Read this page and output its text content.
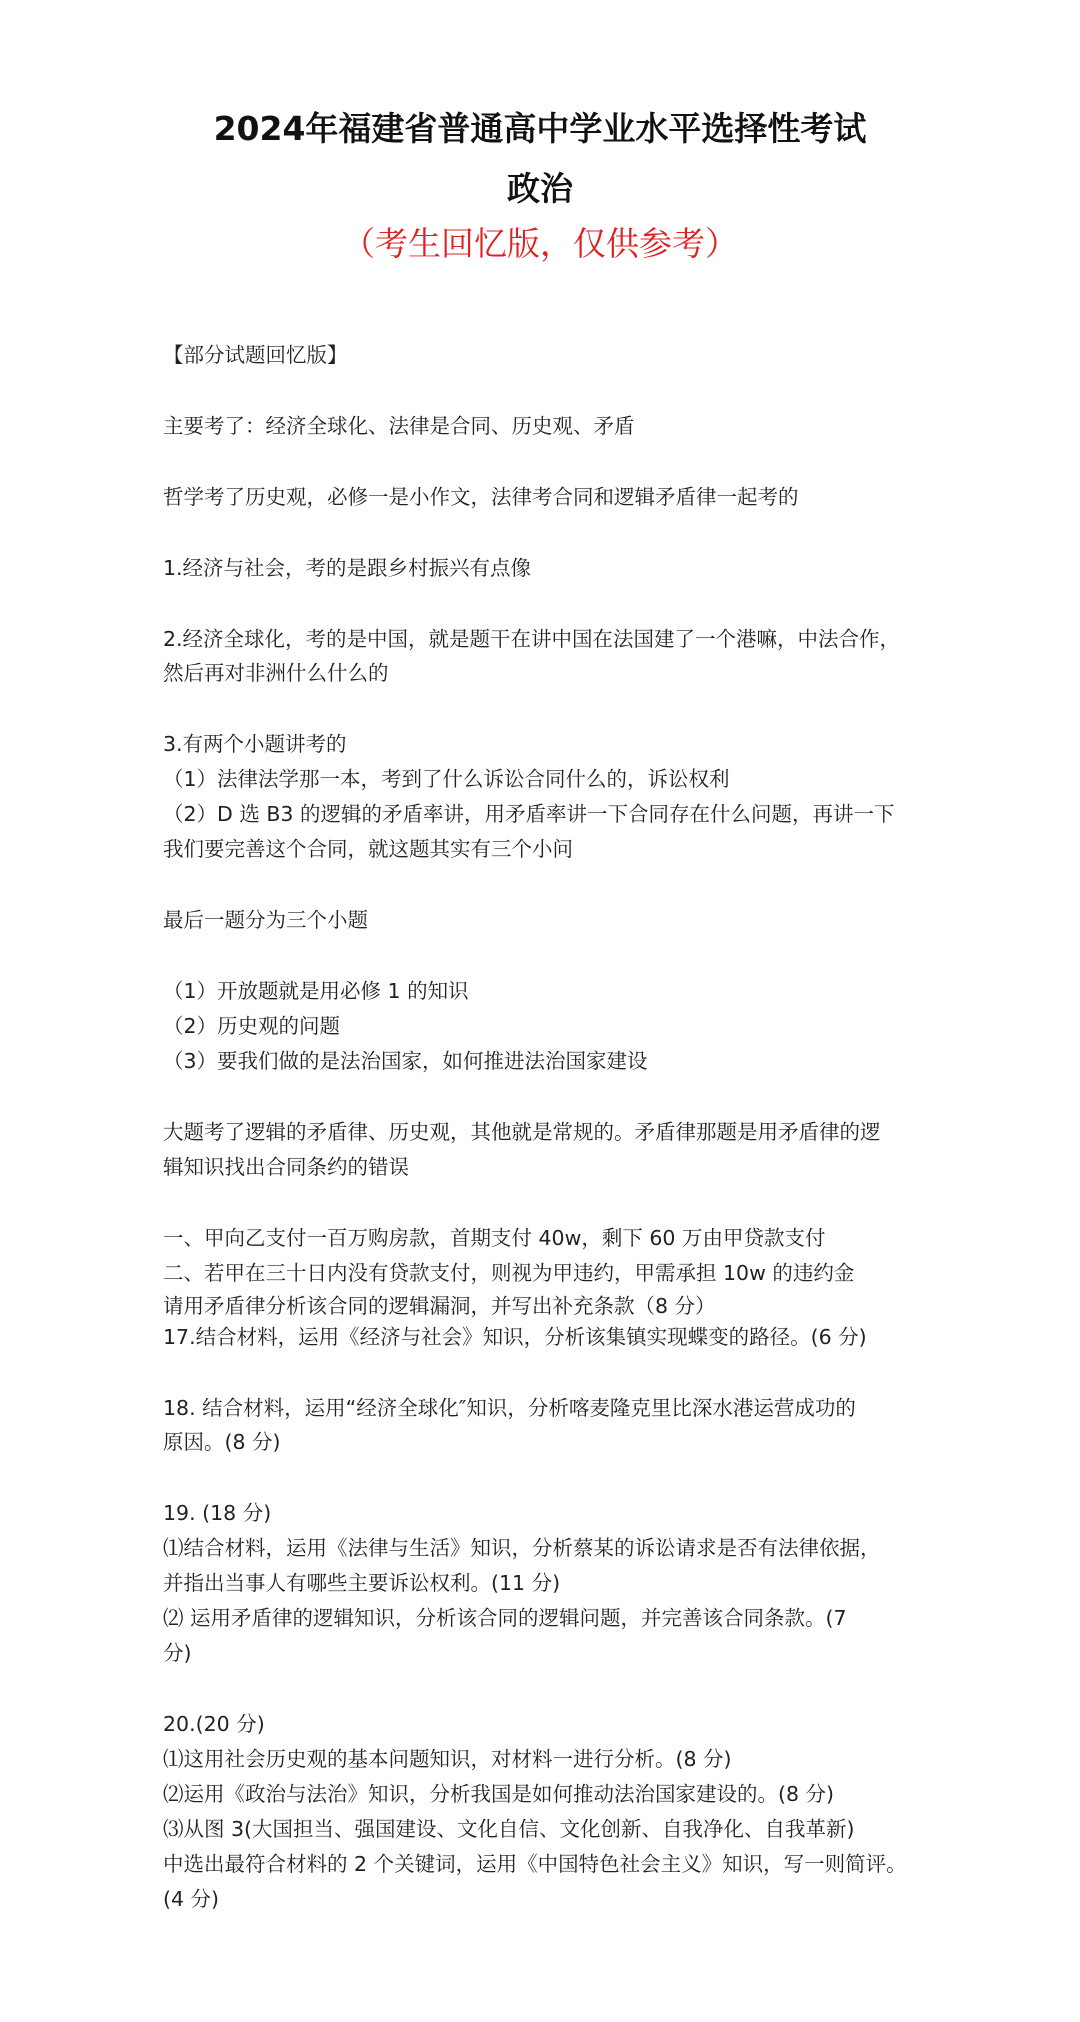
2024年福建省普通高中学业水平选择性考试
政治
（考生回忆版，仅供参考）
【部分试题回忆版】
主要考了：经济全球化、法律是合同、历史观、矛盾
哲学考了历史观，必修一是小作文，法律考合同和逻辑矛盾律一起考的
1.经济与社会，考的是跟乡村振兴有点像
2.经济全球化，考的是中国，就是题干在讲中国在法国建了一个港嘛，中法合作，
然后再对非洲什么什么的
3.有两个小题讲考的
（1）法律法学那一本，考到了什么诉讼合同什么的，诉讼权利
（2）D 选 B3 的逻辑的矛盾率讲，用矛盾率讲一下合同存在什么问题，再讲一下
我们要完善这个合同，就这题其实有三个小问
最后一题分为三个小题
（1）开放题就是用必修 1 的知识
（2）历史观的问题
（3）要我们做的是法治国家，如何推进法治国家建设
大题考了逻辑的矛盾律、历史观，其他就是常规的。矛盾律那题是用矛盾律的逻
辑知识找出合同条约的错误
一、甲向乙支付一百万购房款，首期支付 40w，剩下 60 万由甲贷款支付
二、若甲在三十日内没有贷款支付，则视为甲违约，甲需承担 10w 的违约金
请用矛盾律分析该合同的逻辑漏洞，并写出补充条款（8 分）
17.结合材料，运用《经济与社会》知识，分析该集镇实现蝶变的路径。(6 分)
18. 结合材料，运用“经济全球化″知识，分析喀麦隆克里比深水港运营成功的
原因。(8 分)
19. (18 分)
⑴结合材料，运用《法律与生活》知识，分析蔡某的诉讼请求是否有法律依据，
并指出当事人有哪些主要诉讼权利。(11 分)
⑵ 运用矛盾律的逻辑知识，分析该合同的逻辑问题，并完善该合同条款。(7
分)
20.(20 分)
⑴这用社会历史观的基本问题知识，对材料一进行分析。(8 分)
⑵运用《政治与法治》知识，分析我国是如何推动法治国家建设的。(8 分)
⑶从图 3(大国担当、强国建设、文化自信、文化创新、自我净化、自我革新)
中选出最符合材料的 2 个关键词，运用《中国特色社会主义》知识，写一则简评。
(4 分)
